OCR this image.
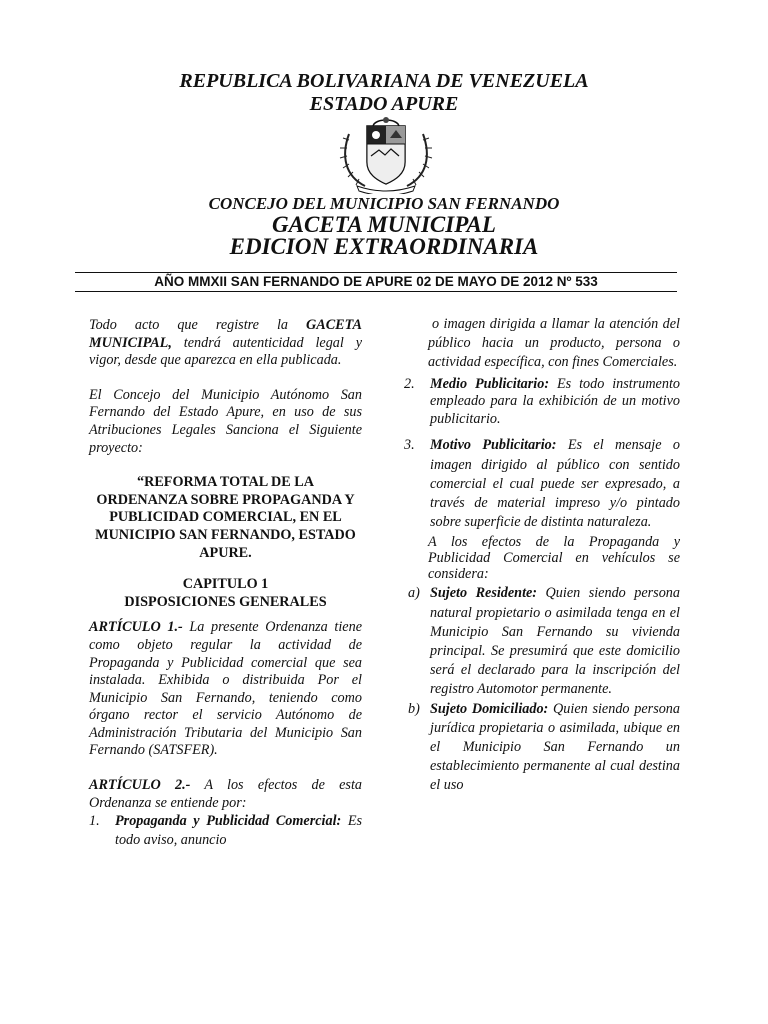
REPUBLICA BOLIVARIANA DE VENEZUELA
ESTADO APURE
CONCEJO DEL MUNICIPIO SAN FERNANDO
GACETA MUNICIPAL
EDICION EXTRAORDINARIA
AÑO MMXII SAN FERNANDO DE APURE 02 DE MAYO DE 2012 Nº 533

Todo acto que registre la GACETA MUNICIPAL, tendrá autenticidad legal y vigor, desde que aparezca en ella publicada.

El Concejo del Municipio Autónomo San Fernando del Estado Apure, en uso de sus Atribuciones Legales Sanciona el Siguiente proyecto:

“REFORMA TOTAL DE LA ORDENANZA SOBRE PROPAGANDA Y PUBLICIDAD COMERCIAL, EN EL MUNICIPIO SAN FERNANDO, ESTADO APURE.

CAPITULO 1

DISPOSICIONES GENERALES

ARTÍCULO 1.- La presente Ordenanza tiene como objeto regular la actividad de Propaganda y Publicidad comercial que sea instalada. Exhibida o distribuida Por el Municipio San Fernando, teniendo como órgano rector el servicio Autónomo de Administración Tributaria del Municipio San Fernando (SATSFER).

ARTÍCULO 2.- A los efectos de esta Ordenanza se entiende por:

1. Propaganda y Publicidad Comercial: Es todo aviso, anuncio

o imagen dirigida a llamar la atención del público hacia un producto, persona o actividad específica, con fines Comerciales.

2. Medio Publicitario: Es todo instrumento empleado para la exhibición de un motivo publicitario.

3. Motivo Publicitario: Es el mensaje o imagen dirigido al público con sentido comercial el cual puede ser expresado, a través de material impreso y/o pintado sobre superficie de distinta naturaleza.

A los efectos de la Propaganda y Publicidad Comercial en vehículos se considera:

a) Sujeto Residente: Quien siendo persona natural propietario o asimilada tenga en el Municipio San Fernando su vivienda principal. Se presumirá que este domicilio será el declarado para la inscripción del registro Automotor permanente.

b) Sujeto Domiciliado: Quien siendo persona jurídica propietaria o asimilada, ubique en el Municipio San Fernando un establecimiento permanente al cual destina el uso
